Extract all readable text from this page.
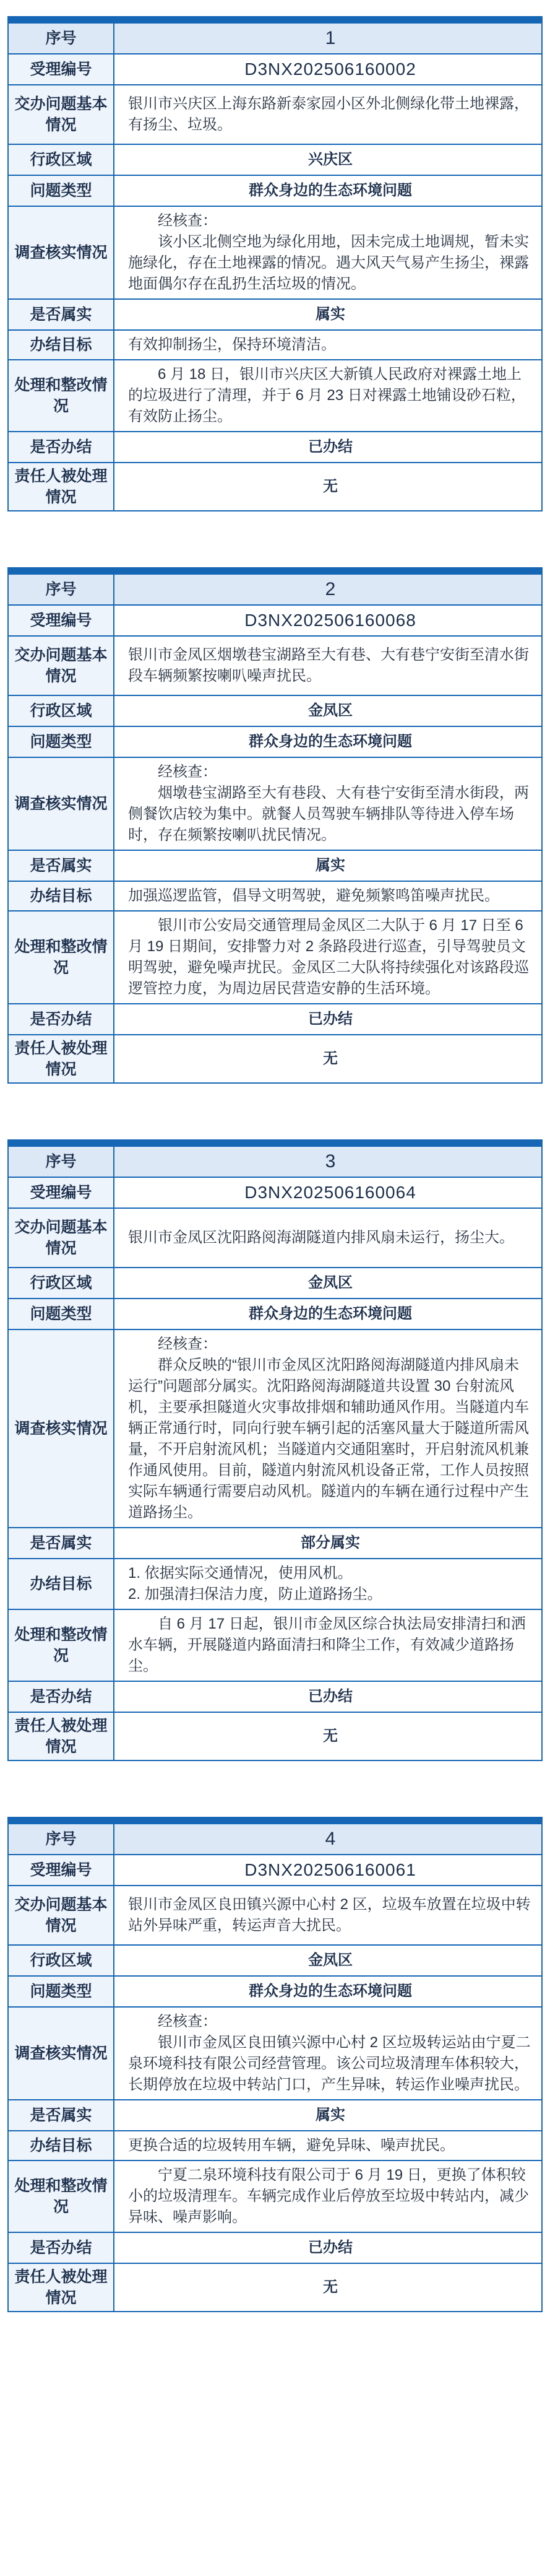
序号	1
受理编号	D3NX202506160002
交办问题基本情况	银川市兴庆区上海东路新泰家园小区外北侧绿化带土地裸露，有扬尘、垃圾。
行政区域	兴庆区
问题类型	群众身边的生态环境问题
调查核实情况	经核查：
该小区北侧空地为绿化用地，因未完成土地调规，暂未实施绿化，存在土地裸露的情况。遇大风天气易产生扬尘，裸露地面偶尔存在乱扔生活垃圾的情况。

是否属实	属实
办结目标	有效抑制扬尘，保持环境清洁。

处理和整改情况	6 月 18 日，银川市兴庆区大新镇人民政府对裸露土地上的垃圾进行了清理，并于 6 月 23 日对裸露土地铺设砂石粒，有效防止扬尘。

是否办结	已办结
责任人被处理情况	无
序号	2
受理编号	D3NX202506160068
交办问题基本情况	银川市金凤区烟墩巷宝湖路至大有巷、大有巷宁安街至清水街段车辆频繁按喇叭噪声扰民。
行政区域	金凤区
问题类型	群众身边的生态环境问题
调查核实情况	经核查：
烟墩巷宝湖路至大有巷段、大有巷宁安街至清水街段，两侧餐饮店较为集中。就餐人员驾驶车辆排队等待进入停车场时，存在频繁按喇叭扰民情况。

是否属实	属实
办结目标	加强巡逻监管，倡导文明驾驶，避免频繁鸣笛噪声扰民。

处理和整改情况	银川市公安局交通管理局金凤区二大队于 6 月 17 日至 6 月 19 日期间，安排警力对 2 条路段进行巡查，引导驾驶员文明驾驶，避免噪声扰民。金凤区二大队将持续强化对该路段巡逻管控力度，为周边居民营造安静的生活环境。

是否办结	已办结
责任人被处理情况	无
序号	3
受理编号	D3NX202506160064
交办问题基本情况	银川市金凤区沈阳路阅海湖隧道内排风扇未运行，扬尘大。
行政区域	金凤区
问题类型	群众身边的生态环境问题
调查核实情况	经核查：
群众反映的“银川市金凤区沈阳路阅海湖隧道内排风扇未运行”问题部分属实。沈阳路阅海湖隧道共设置 30 台射流风机，主要承担隧道火灾事故排烟和辅助通风作用。当隧道内车辆正常通行时，同向行驶车辆引起的活塞风量大于隧道所需风量，不开启射流风机；当隧道内交通阻塞时，开启射流风机兼作通风使用。目前，隧道内射流风机设备正常，工作人员按照实际车辆通行需要启动风机。隧道内的车辆在通行过程中产生道路扬尘。

是否属实	部分属实
办结目标	1. 依据实际交通情况，使用风机。
2. 加强清扫保洁力度，防止道路扬尘。

处理和整改情况	自 6 月 17 日起，银川市金凤区综合执法局安排清扫和洒水车辆，开展隧道内路面清扫和降尘工作，有效减少道路扬尘。

是否办结	已办结
责任人被处理情况	无
序号	4
受理编号	D3NX202506160061
交办问题基本情况	银川市金凤区良田镇兴源中心村 2 区，垃圾车放置在垃圾中转站外异味严重，转运声音大扰民。
行政区域	金凤区
问题类型	群众身边的生态环境问题
调查核实情况	经核查：
银川市金凤区良田镇兴源中心村 2 区垃圾转运站由宁夏二泉环境科技有限公司经营管理。该公司垃圾清理车体积较大，长期停放在垃圾中转站门口，产生异味，转运作业噪声扰民。

是否属实	属实
办结目标	更换合适的垃圾转用车辆，避免异味、噪声扰民。

处理和整改情况	宁夏二泉环境科技有限公司于 6 月 19 日，更换了体积较小的垃圾清理车。车辆完成作业后停放至垃圾中转站内，减少异味、噪声影响。

是否办结	已办结
责任人被处理情况	无
